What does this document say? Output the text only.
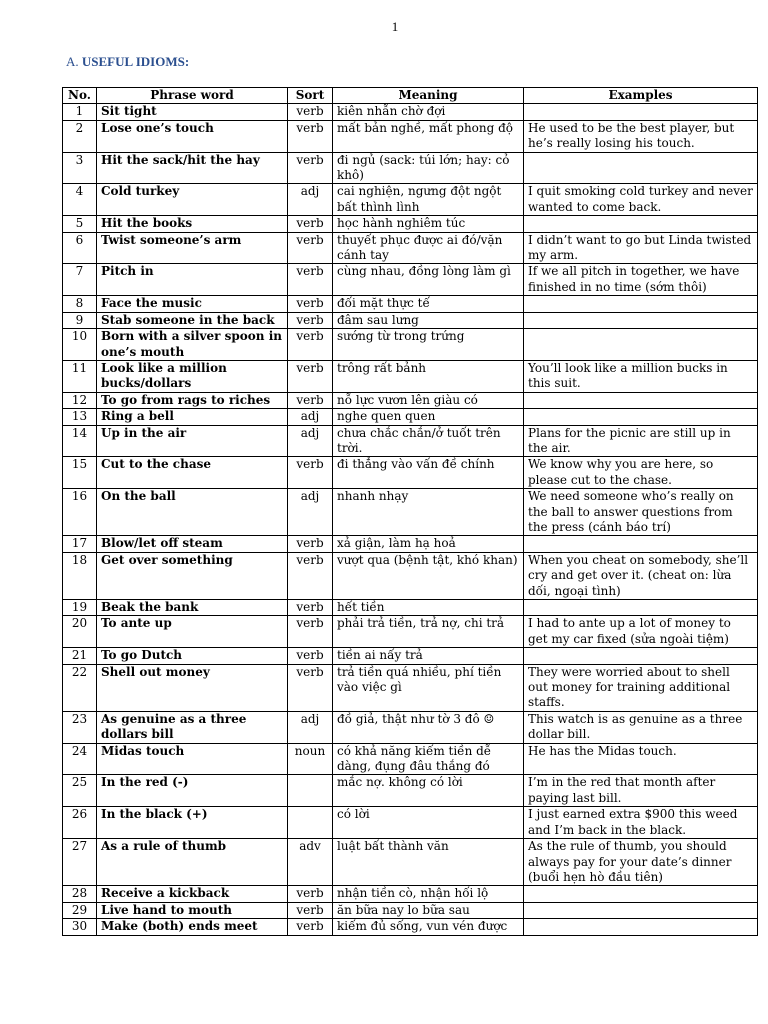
1
A. USEFUL IDIOMS:
No.	Phrase word	Sort	Meaning	Examples
1	Sit tight	verb	kiên nhẫn chờ đợi	
2	Lose one’s touch	verb	mất bản nghề, mất phong độ	He used to be the best player, but he’s really losing his touch.
3	Hit the sack/hit the hay	verb	đi ngủ (sack: túi lớn; hay: cỏ khô)	
4	Cold turkey	adj	cai nghiện, ngưng đột ngột bất thình lình	I quit smoking cold turkey and never wanted to come back.
5	Hit the books	verb	học hành nghiêm túc	
6	Twist someone’s arm	verb	thuyết phục được ai đó/vặn cánh tay	I didn’t want to go but Linda twisted my arm.
7	Pitch in	verb	cùng nhau, đồng lòng làm gì	If we all pitch in together, we have finished in no time (sớm thôi)
8	Face the music	verb	đối mặt thực tế	
9	Stab someone in the back	verb	đâm sau lưng	
10	Born with a silver spoon in one’s mouth	verb	sướng từ trong trứng	
11	Look like a million bucks/dollars	verb	trông rất bảnh	You’ll look like a million bucks in this suit.
12	To go from rags to riches	verb	nỗ lực vươn lên giàu có	
13	Ring a bell	adj	nghe quen quen	
14	Up in the air	adj	chưa chắc chắn/ở tuốt trên trời.	Plans for the picnic are still up in the air.
15	Cut to the chase	verb	đi thẳng vào vấn đề chính	We know why you are here, so please cut to the chase.
16	On the ball	adj	nhanh nhạy	We need someone who’s really on the ball to answer questions from the press (cánh báo trí)
17	Blow/let off steam	verb	xả giận, làm hạ hoả	
18	Get over something	verb	vượt qua (bệnh tật, khó khan)	When you cheat on somebody, she’ll cry and get over it. (cheat on: lừa dối, ngoại tình)
19	Beak the bank	verb	hết tiền	
20	To ante up	verb	phải trả tiền, trả nợ, chi trả	I had to ante up a lot of money to get my car fixed (sửa ngoài tiệm)
21	To go Dutch	verb	tiền ai nấy trả	
22	Shell out money	verb	trả tiền quá nhiều, phí tiền vào việc gì	They were worried about to shell out money for training additional staffs.
23	As genuine as a three dollars bill	adj	đồ giả, thật như tờ 3 đô ☺	This watch is as genuine as a three dollar bill.
24	Midas touch	noun	có khả năng kiếm tiền dễ dàng, đụng đâu thắng đó	He has the Midas touch.
25	In the red (-)		mắc nợ. không có lời	I’m in the red that month after paying last bill.
26	In the black (+)		có lời	I just earned extra $900 this weed and I’m back in the black.
27	As a rule of thumb	adv	luật bất thành văn	As the rule of thumb, you should always pay for your date’s dinner (buổi hẹn hò đầu tiên)
28	Receive a kickback	verb	nhận tiền cò, nhận hối lộ	
29	Live hand to mouth	verb	ăn bữa nay lo bữa sau	
30	Make (both) ends meet	verb	kiếm đủ sống, vun vén được	
